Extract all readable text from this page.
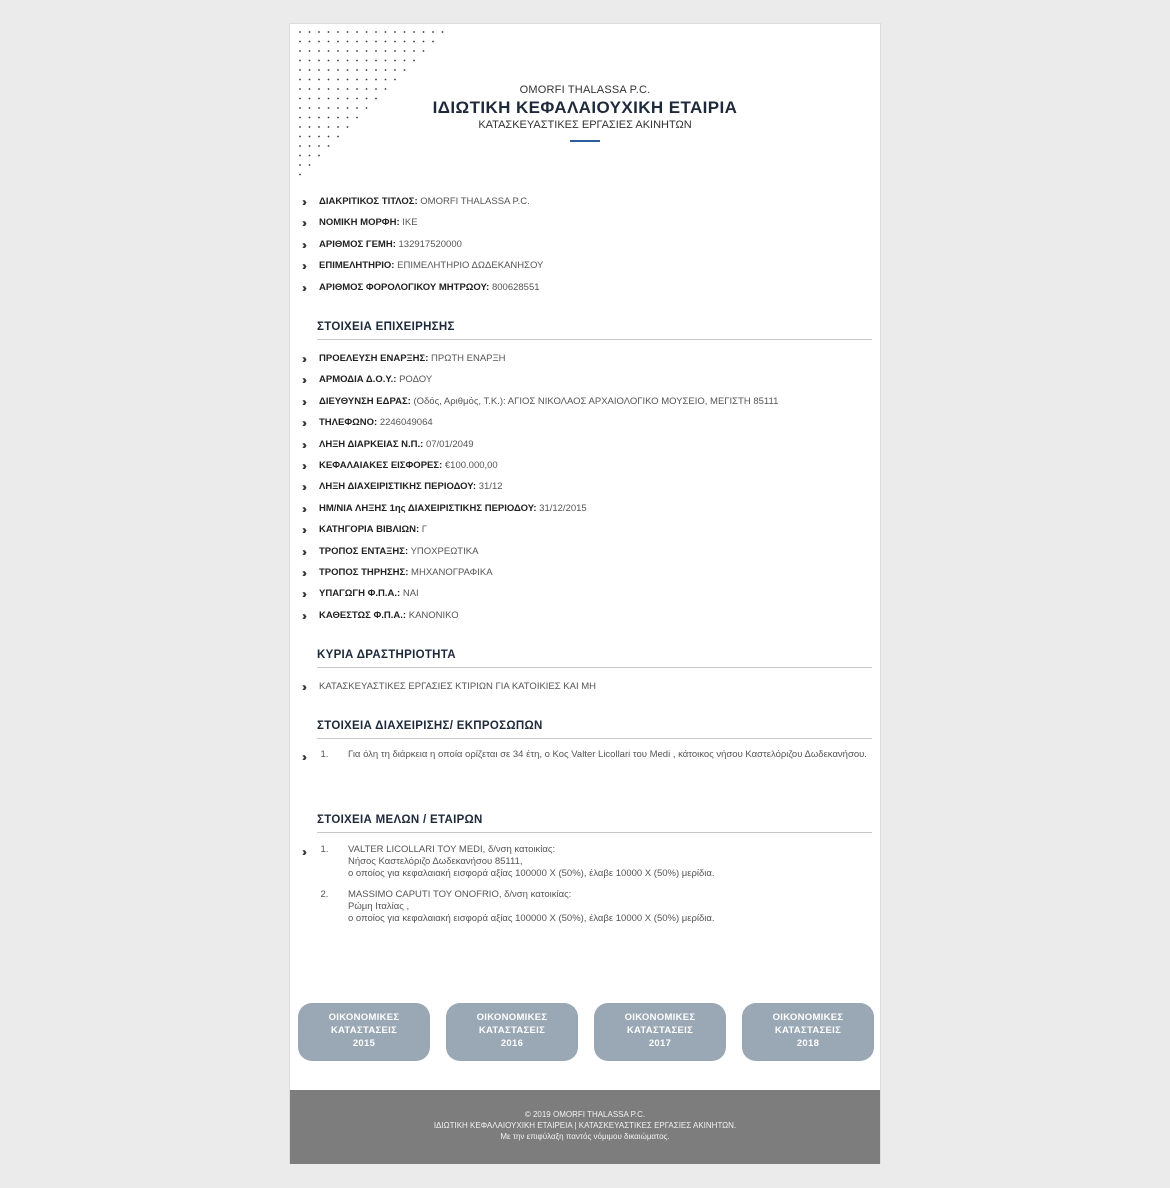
OMORFI THALASSA P.C.
ΙΔΙΩΤΙΚΗ ΚΕΦΑΛΑΙΟΥΧΙΚΗ ΕΤΑΙΡΙΑ
ΚΑΤΑΣΚΕΥΑΣΤΙΚΕΣ ΕΡΓΑΣΙΕΣ ΑΚΙΝΗΤΩΝ
›› ΔΙΑΚΡΙΤΙΚΟΣ ΤΙΤΛΟΣ: OMORFI THALASSA P.C.
›› ΝΟΜΙΚΗ ΜΟΡΦΗ: ΙΚΕ
›› ΑΡΙΘΜΟΣ ΓΕΜΗ: 132917520000
›› ΕΠΙΜΕΛΗΤΗΡΙΟ: ΕΠΙΜΕΛΗΤΗΡΙΟ ΔΩΔΕΚΑΝΗΣΟΥ
›› ΑΡΙΘΜΟΣ ΦΟΡΟΛΟΓΙΚΟΥ ΜΗΤΡΩΟΥ: 800628551
ΣΤΟΙΧΕΙΑ ΕΠΙΧΕΙΡΗΣΗΣ
›› ΠΡΟΕΛΕΥΣΗ ΕΝΑΡΞΗΣ: ΠΡΩΤΗ ΕΝΑΡΞΗ
›› ΑΡΜΟΔΙΑ Δ.Ο.Υ.: ΡΟΔΟΥ
›› ΔΙΕΥΘΥΝΣΗ ΕΔΡΑΣ: (Οδός, Αριθμός, Τ.Κ.): ΑΓΙΟΣ ΝΙΚΟΛΑΟΣ ΑΡΧΑΙΟΛΟΓΙΚΟ ΜΟΥΣΕΙΟ, ΜΕΓΙΣΤΗ 85111
›› ΤΗΛΕΦΩΝΟ: 2246049064
›› ΛΗΞΗ ΔΙΑΡΚΕΙΑΣ Ν.Π.: 07/01/2049
›› ΚΕΦΑΛΑΙΑΚΕΣ ΕΙΣΦΟΡΕΣ: €100.000,00
›› ΛΗΞΗ ΔΙΑΧΕΙΡΙΣΤΙΚΗΣ ΠΕΡΙΟΔΟΥ: 31/12
›› ΗΜ/ΝΙΑ ΛΗΞΗΣ 1ης ΔΙΑΧΕΙΡΙΣΤΙΚΗΣ ΠΕΡΙΟΔΟΥ: 31/12/2015
›› ΚΑΤΗΓΟΡΙΑ ΒΙΒΛΙΩΝ: Γ
›› ΤΡΟΠΟΣ ΕΝΤΑΞΗΣ: ΥΠΟΧΡΕΩΤΙΚΑ
›› ΤΡΟΠΟΣ ΤΗΡΗΣΗΣ: ΜΗΧΑΝΟΓΡΑΦΙΚΑ
›› ΥΠΑΓΩΓΗ Φ.Π.Α.: ΝΑΙ
›› ΚΑΘΕΣΤΩΣ Φ.Π.Α.: ΚΑΝΟΝΙΚΟ
ΚΥΡΙΑ ΔΡΑΣΤΗΡΙΟΤΗΤΑ
›› ΚΑΤΑΣΚΕΥΑΣΤΙΚΕΣ ΕΡΓΑΣΙΕΣ ΚΤΙΡΙΩΝ ΓΙΑ ΚΑΤΟΙΚΙΕΣ ΚΑΙ ΜΗ
ΣΤΟΙΧΕΙΑ ΔΙΑΧΕΙΡΙΣΗΣ/ ΕΚΠΡΟΣΩΠΩΝ
››	1. Για όλη τη διάρκεια η οποία ορίζεται σε 34 έτη, ο Κος Valter Licollari του Medi , κάτοικος νήσου Καστελόριζου Δωδεκανήσου.
ΣΤΟΙΧΕΙΑ ΜΕΛΩΝ / ΕΤΑΙΡΩΝ
››	1. VALTER LICOLLARI ΤΟΥ MEDI, δ/νση κατοικίας:
Νήσος Καστελόριζο Δωδεκανήσου 85111,
ο οποίος για κεφαλαιακή εισφορά αξίας 100000 Χ (50%), έλαβε 10000 Χ (50%) μερίδια.
2. MASSIMO CAPUTI ΤΟΥ ONOFRIO, δ/νση κατοικίας:
Ρώμη Ιταλίας ,
ο οποίος για κεφαλαιακή εισφορά αξίας 100000 Χ (50%), έλαβε 10000 Χ (50%) μερίδια.
ΟΙΚΟΝΟΜΙΚΕΣ
ΚΑΤΑΣΤΑΣΕΙΣ
2015
ΟΙΚΟΝΟΜΙΚΕΣ
ΚΑΤΑΣΤΑΣΕΙΣ
2016
ΟΙΚΟΝΟΜΙΚΕΣ
ΚΑΤΑΣΤΑΣΕΙΣ
2017
ΟΙΚΟΝΟΜΙΚΕΣ
ΚΑΤΑΣΤΑΣΕΙΣ
2018
© 2019 OMORFI THALASSA P.C.
ΙΔΙΩΤΙΚΗ ΚΕΦΑΛΑΙΟΥΧΙΚΗ ΕΤΑΙΡΕΙΑ | ΚΑΤΑΣΚΕΥΑΣΤΙΚΕΣ ΕΡΓΑΣΙΕΣ ΑΚΙΝΗΤΩΝ.
Με την επιφύλαξη παντός νόμιμου δικαιώματος.
